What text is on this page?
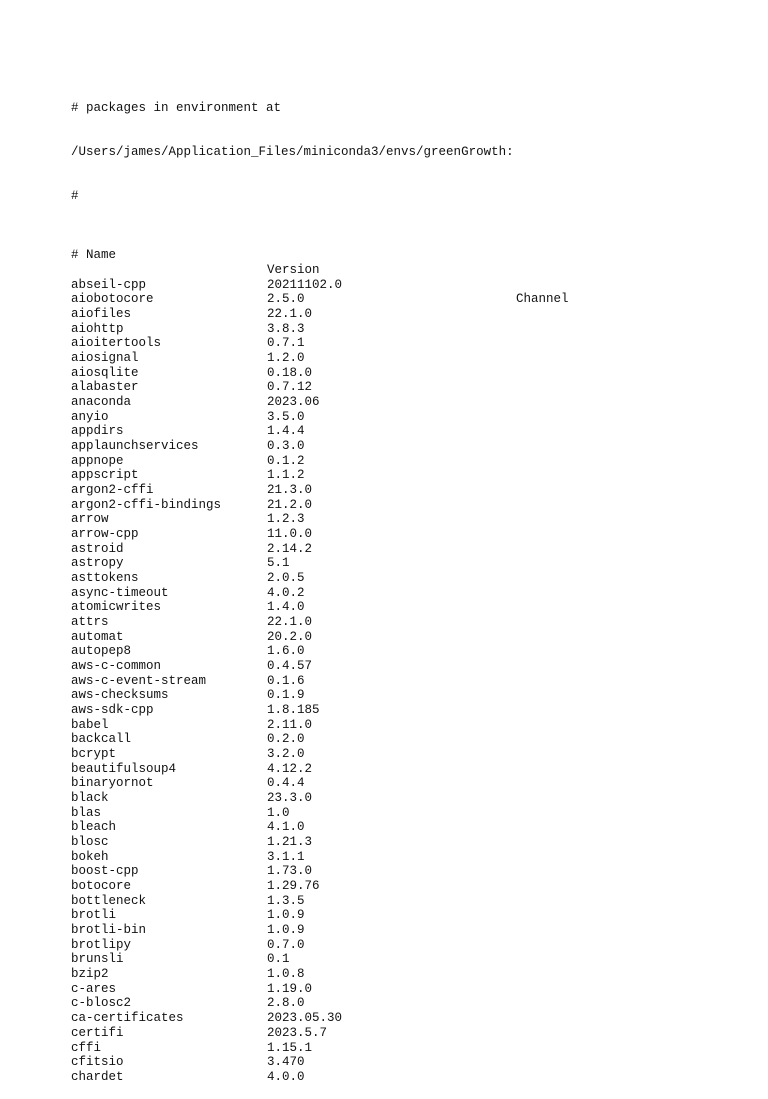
# packages in environment at

/Users/james/Application_Files/miniconda3/envs/greenGrowth:

#

# Name

Version

Channel

abseil-cpp	20211102.0
aiobotocore	2.5.0
aiofiles	22.1.0
aiohttp	3.8.3
aioitertools	0.7.1
aiosignal	1.2.0
aiosqlite	0.18.0
alabaster	0.7.12
anaconda	2023.06
anyio	3.5.0
appdirs	1.4.4
applaunchservices	0.3.0
appnope	0.1.2
appscript	1.1.2
argon2-cffi	21.3.0
argon2-cffi-bindings	21.2.0
arrow	1.2.3
arrow-cpp	11.0.0
astroid	2.14.2
astropy	5.1
asttokens	2.0.5
async-timeout	4.0.2
atomicwrites	1.4.0
attrs	22.1.0
automat	20.2.0
autopep8	1.6.0
aws-c-common	0.4.57
aws-c-event-stream	0.1.6
aws-checksums	0.1.9
aws-sdk-cpp	1.8.185
babel	2.11.0
backcall	0.2.0
bcrypt	3.2.0
beautifulsoup4	4.12.2
binaryornot	0.4.4
black	23.3.0
blas	1.0
bleach	4.1.0
blosc	1.21.3
bokeh	3.1.1
boost-cpp	1.73.0
botocore	1.29.76
bottleneck	1.3.5
brotli	1.0.9
brotli-bin	1.0.9
brotlipy	0.7.0
brunsli	0.1
bzip2	1.0.8
c-ares	1.19.0
c-blosc2	2.8.0
ca-certificates	2023.05.30
certifi	2023.5.7
cffi	1.15.1
cfitsio	3.470
chardet	4.0.0
